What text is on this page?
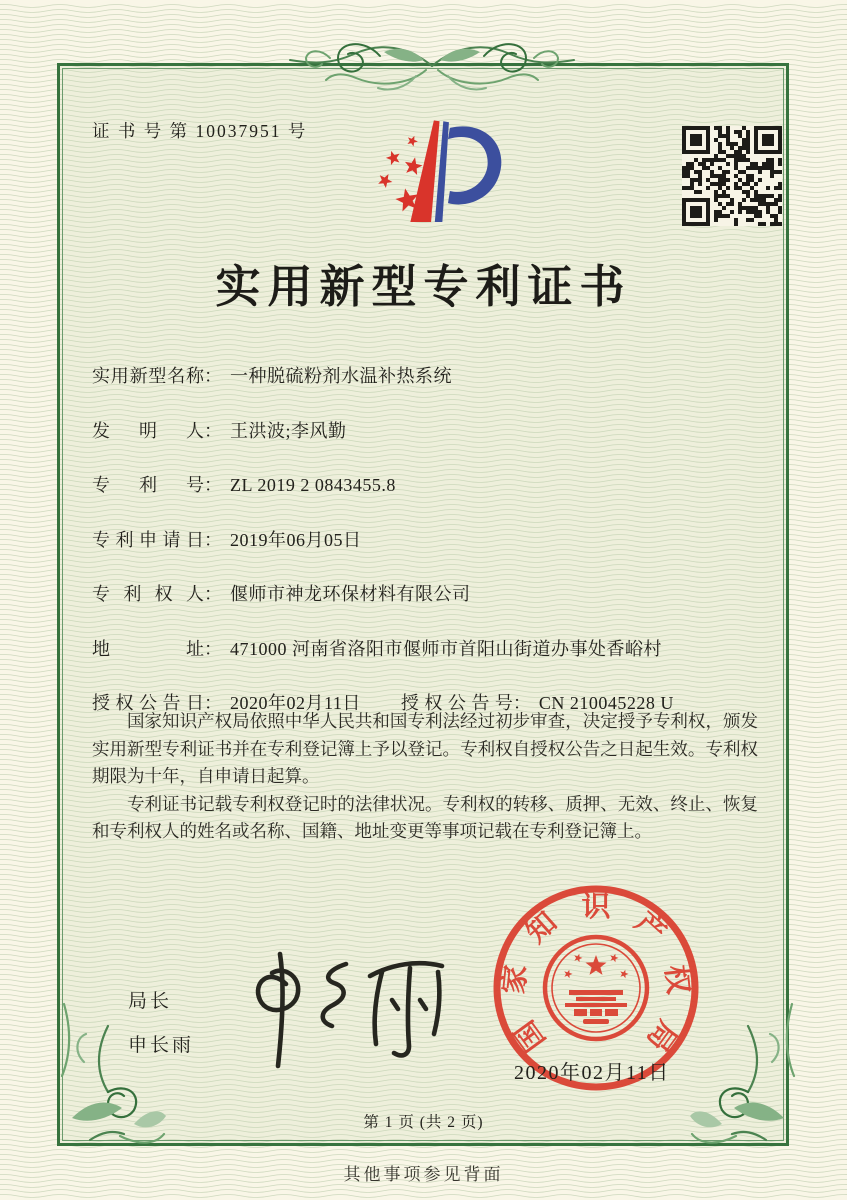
证 书 号 第 10037951 号
实用新型专利证书
实用新型名称 ： 一种脱硫粉剂水温补热系统
发明人 ： 王洪波;李风勤
专利号 ： ZL 2019 2 0843455.8
专利申请日 ： 2019年06月05日
专利权人 ： 偃师市神龙环保材料有限公司
地址 ： 471000 河南省洛阳市偃师市首阳山街道办事处香峪村
授权公告日 ： 2020年02月11日 授权公告号 ： CN 210045228 U

国家知识产权局依照中华人民共和国专利法经过初步审查，决定授予专利权，颁发实用新型专利证书并在专利登记簿上予以登记。专利权自授权公告之日起生效。专利权期限为十年，自申请日起算。

专利证书记载专利权登记时的法律状况。专利权的转移、质押、无效、终止、恢复和专利权人的姓名或名称、国籍、地址变更等事项记载在专利登记簿上。

局长
申长雨	国
家
知 识 产
权
局
2020年02月11日
第 1 页 (共 2 页)
其他事项参见背面
